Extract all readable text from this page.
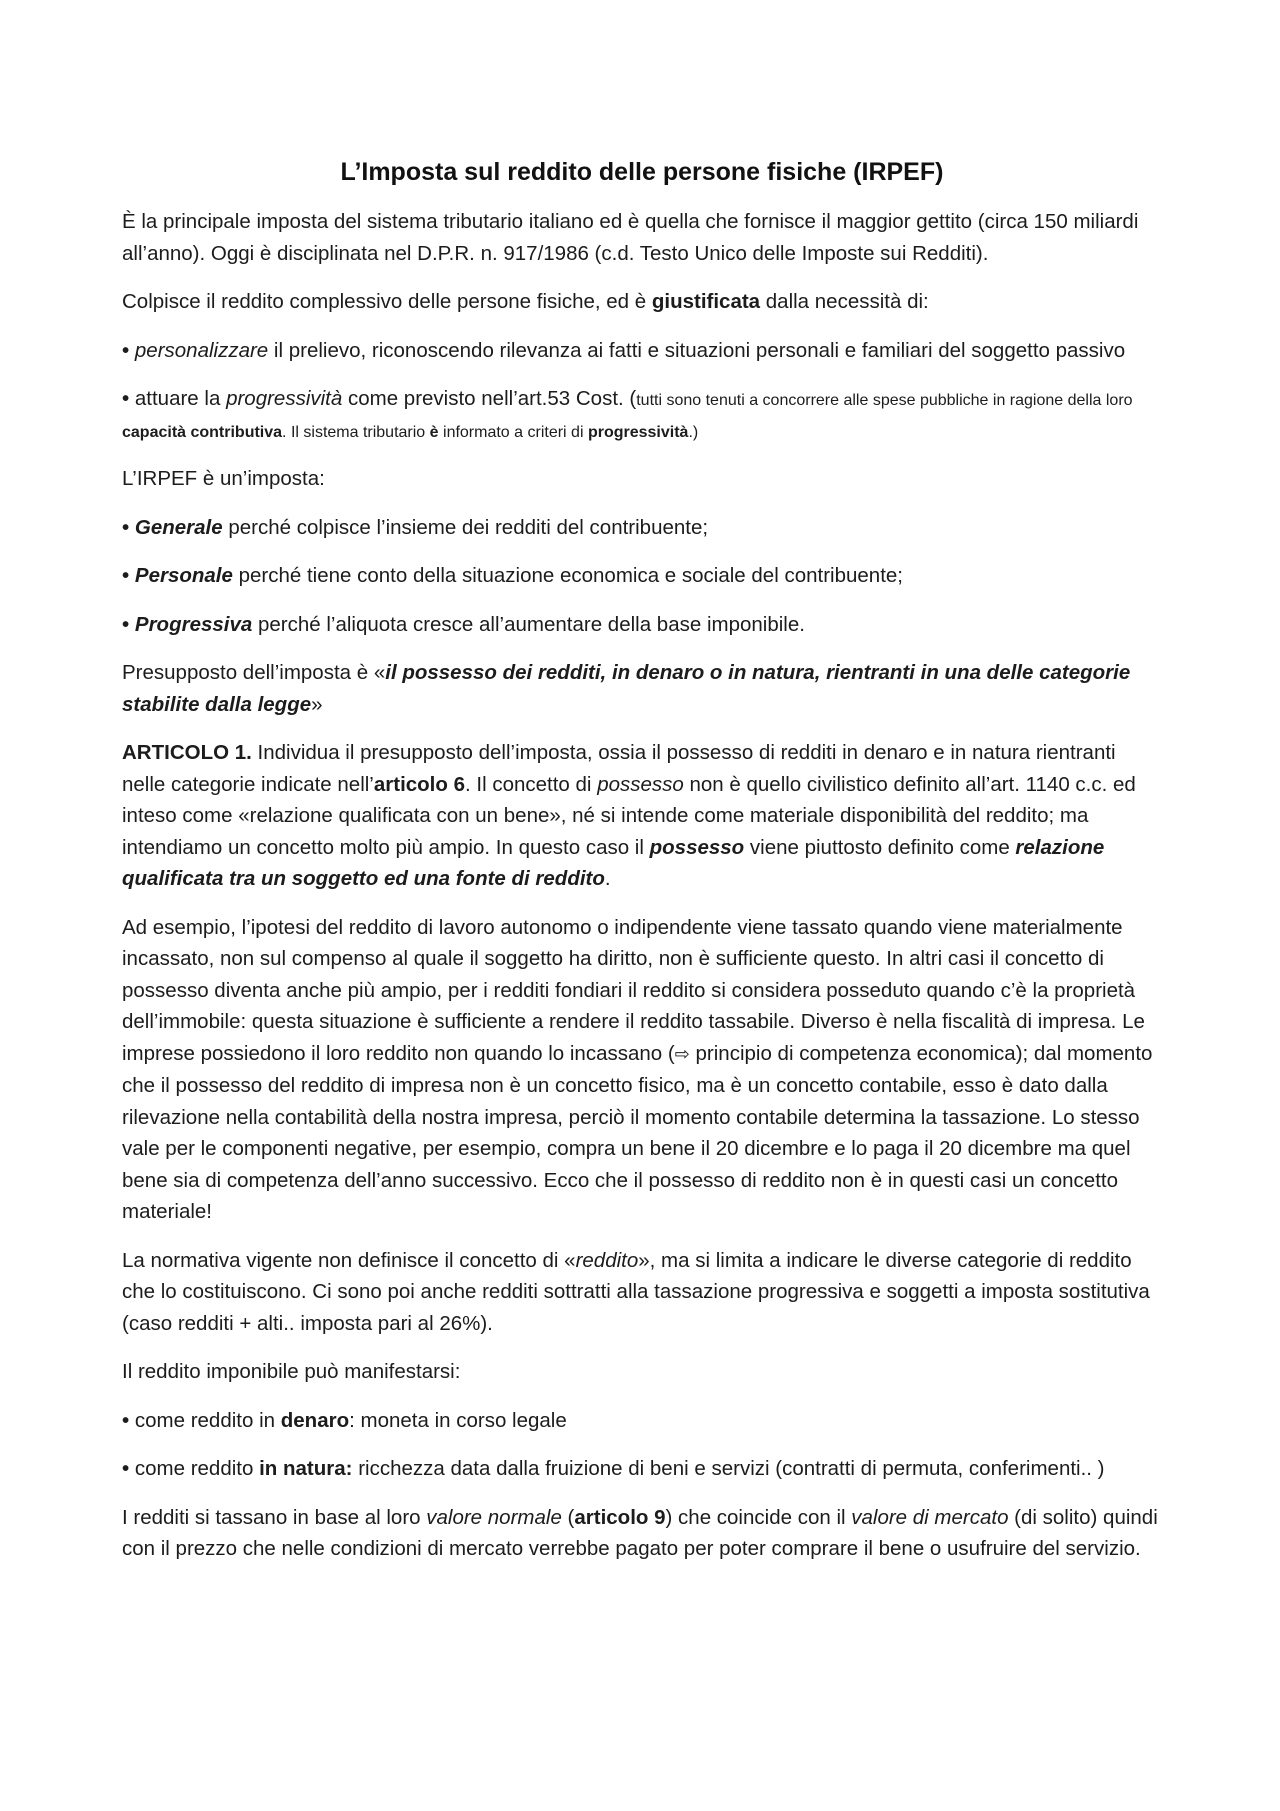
L’Imposta sul reddito delle persone fisiche (IRPEF)

È la principale imposta del sistema tributario italiano ed è quella che fornisce il maggior gettito (circa 150 miliardi all’anno). Oggi è disciplinata nel D.P.R. n. 917/1986 (c.d. Testo Unico delle Imposte sui Redditi).

Colpisce il reddito complessivo delle persone fisiche, ed è giustificata dalla necessità di:

• personalizzare il prelievo, riconoscendo rilevanza ai fatti e situazioni personali e familiari del soggetto passivo

• attuare la progressività come previsto nell’art.53 Cost. (tutti sono tenuti a concorrere alle spese pubbliche in ragione della loro capacità contributiva. Il sistema tributario è informato a criteri di progressività.)

L’IRPEF è un’imposta:

• Generale perché colpisce l’insieme dei redditi del contribuente;

• Personale perché tiene conto della situazione economica e sociale del contribuente;

• Progressiva perché l’aliquota cresce all’aumentare della base imponibile.

Presupposto dell’imposta è «il possesso dei redditi, in denaro o in natura, rientranti in una delle categorie stabilite dalla legge»

ARTICOLO 1. Individua il presupposto dell’imposta, ossia il possesso di redditi in denaro e in natura rientranti nelle categorie indicate nell’articolo 6. Il concetto di possesso non è quello civilistico definito all’art. 1140 c.c. ed inteso come «relazione qualificata con un bene», né si intende come materiale disponibilità del reddito; ma intendiamo un concetto molto più ampio. In questo caso il possesso viene piuttosto definito come relazione qualificata tra un soggetto ed una fonte di reddito.

Ad esempio, l’ipotesi del reddito di lavoro autonomo o indipendente viene tassato quando viene materialmente incassato, non sul compenso al quale il soggetto ha diritto, non è sufficiente questo. In altri casi il concetto di possesso diventa anche più ampio, per i redditi fondiari il reddito si considera posseduto quando c’è la proprietà dell’immobile: questa situazione è sufficiente a rendere il reddito tassabile. Diverso è nella fiscalità di impresa. Le imprese possiedono il loro reddito non quando lo incassano (⇨ principio di competenza economica); dal momento che il possesso del reddito di impresa non è un concetto fisico, ma è un concetto contabile, esso è dato dalla rilevazione nella contabilità della nostra impresa, perciò il momento contabile determina la tassazione. Lo stesso vale per le componenti negative, per esempio, compra un bene il 20 dicembre e lo paga il 20 dicembre ma quel bene sia di competenza dell’anno successivo. Ecco che il possesso di reddito non è in questi casi un concetto materiale!

La normativa vigente non definisce il concetto di «reddito», ma si limita a indicare le diverse categorie di reddito che lo costituiscono. Ci sono poi anche redditi sottratti alla tassazione progressiva e soggetti a imposta sostitutiva (caso redditi + alti.. imposta pari al 26%).

Il reddito imponibile può manifestarsi:

• come reddito in denaro: moneta in corso legale

• come reddito in natura: ricchezza data dalla fruizione di beni e servizi (contratti di permuta, conferimenti.. )

I redditi si tassano in base al loro valore normale (articolo 9) che coincide con il valore di mercato (di solito) quindi con il prezzo che nelle condizioni di mercato verrebbe pagato per poter comprare il bene o usufruire del servizio.
